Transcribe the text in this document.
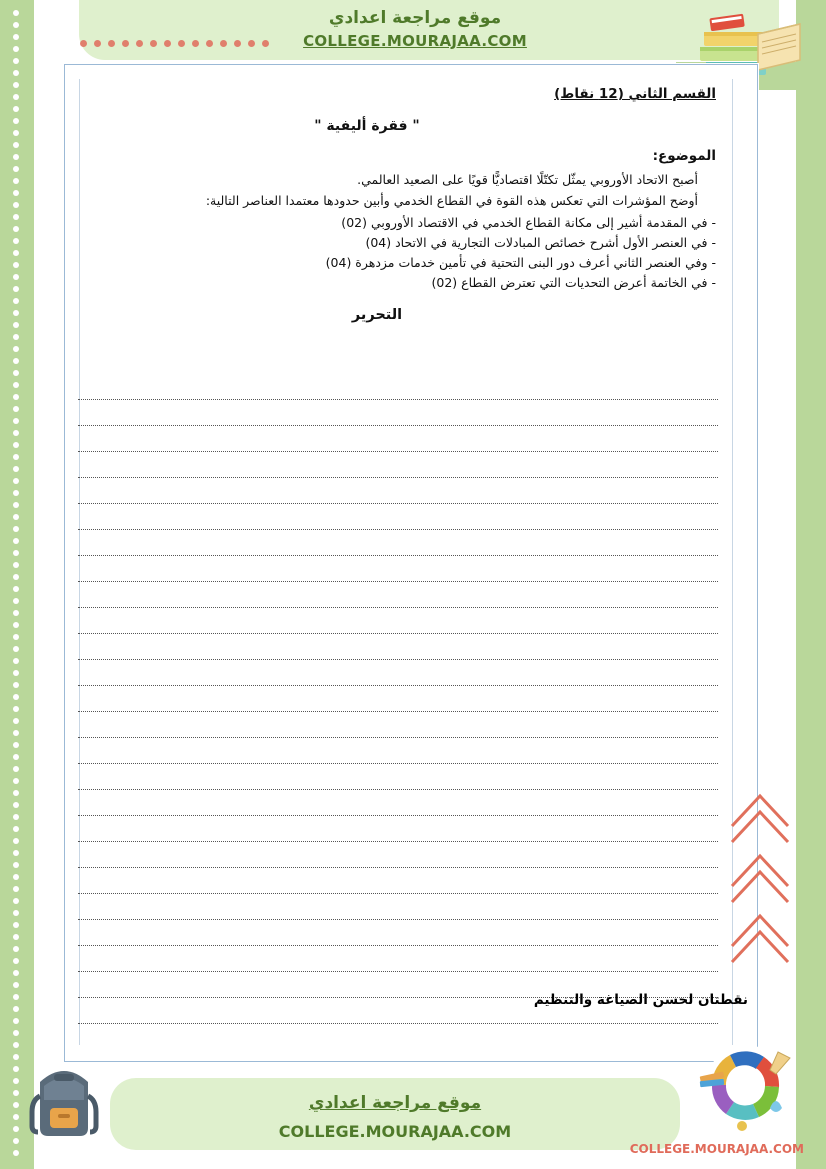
موقع مراجعة اعدادي
COLLEGE.MOURAJAA.COM
القسم الثاني (12 نقاط)
" فقرة أليفية "
الموضوع:
أصبح الاتحاد الأوروبي يمثّل تكتّلًا اقتصاديًّا قويًا على الصعيد العالمي.
أوضح المؤشرات التي تعكس هذه القوة في القطاع الخدمي وأبين حدودها معتمدا العناصر التالية:
- في المقدمة أشير إلى مكانة القطاع الخدمي في الاقتصاد الأوروبي (02)
- في العنصر الأول أشرح خصائص المبادلات التجارية في الاتحاد (04)
- وفي العنصر الثاني أعرف دور البنى التحتية في تأمين خدمات مزدهرة (04)
- في الخاتمة أعرض التحديات التي تعترض القطاع (02)
التحرير
نقطتان لحسن الصياغة والتنظيم
موقع مراجعة اعدادي
COLLEGE.MOURAJAA.COM
COLLEGE.MOURAJAA.COM
